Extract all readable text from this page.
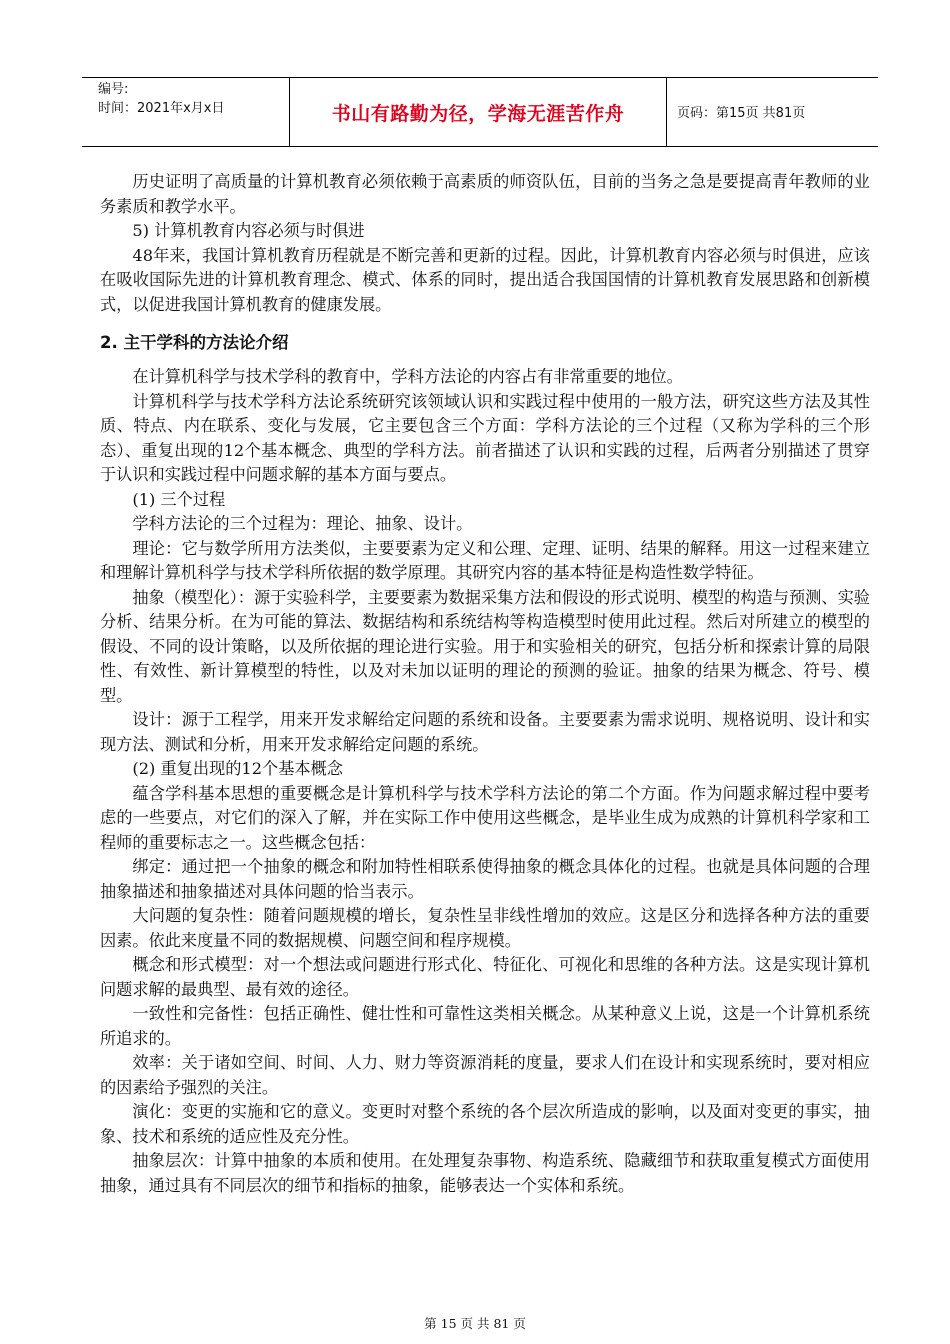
编号:
时间：2021年x月x日	书山有路勤为径，学海无涯苦作舟	页码：第15页 共81页

历史证明了高质量的计算机教育必须依赖于高素质的师资队伍，目前的当务之急是要提高青年教师的业务素质和教学水平。

5) 计算机教育内容必须与时俱进

48年来，我国计算机教育历程就是不断完善和更新的过程。因此，计算机教育内容必须与时俱进，应该在吸收国际先进的计算机教育理念、模式、体系的同时，提出适合我国国情的计算机教育发展思路和创新模式，以促进我国计算机教育的健康发展。

2. 主干学科的方法论介绍

在计算机科学与技术学科的教育中，学科方法论的内容占有非常重要的地位。

计算机科学与技术学科方法论系统研究该领域认识和实践过程中使用的一般方法，研究这些方法及其性质、特点、内在联系、变化与发展，它主要包含三个方面：学科方法论的三个过程（又称为学科的三个形态）、重复出现的12个基本概念、典型的学科方法。前者描述了认识和实践的过程，后两者分别描述了贯穿于认识和实践过程中问题求解的基本方面与要点。

(1) 三个过程

学科方法论的三个过程为：理论、抽象、设计。

理论：它与数学所用方法类似，主要要素为定义和公理、定理、证明、结果的解释。用这一过程来建立和理解计算机科学与技术学科所依据的数学原理。其研究内容的基本特征是构造性数学特征。

抽象（模型化）：源于实验科学，主要要素为数据采集方法和假设的形式说明、模型的构造与预测、实验分析、结果分析。在为可能的算法、数据结构和系统结构等构造模型时使用此过程。然后对所建立的模型的假设、不同的设计策略，以及所依据的理论进行实验。用于和实验相关的研究，包括分析和探索计算的局限性、有效性、新计算模型的特性，以及对未加以证明的理论的预测的验证。抽象的结果为概念、符号、模型。

设计：源于工程学，用来开发求解给定问题的系统和设备。主要要素为需求说明、规格说明、设计和实现方法、测试和分析，用来开发求解给定问题的系统。

(2) 重复出现的12个基本概念

蕴含学科基本思想的重要概念是计算机科学与技术学科方法论的第二个方面。作为问题求解过程中要考虑的一些要点，对它们的深入了解，并在实际工作中使用这些概念，是毕业生成为成熟的计算机科学家和工程师的重要标志之一。这些概念包括：

绑定：通过把一个抽象的概念和附加特性相联系使得抽象的概念具体化的过程。也就是具体问题的合理抽象描述和抽象描述对具体问题的恰当表示。

大问题的复杂性：随着问题规模的增长，复杂性呈非线性增加的效应。这是区分和选择各种方法的重要因素。依此来度量不同的数据规模、问题空间和程序规模。

概念和形式模型：对一个想法或问题进行形式化、特征化、可视化和思维的各种方法。这是实现计算机问题求解的最典型、最有效的途径。

一致性和完备性：包括正确性、健壮性和可靠性这类相关概念。从某种意义上说，这是一个计算机系统所追求的。

效率：关于诸如空间、时间、人力、财力等资源消耗的度量，要求人们在设计和实现系统时，要对相应的因素给予强烈的关注。

演化：变更的实施和它的意义。变更时对整个系统的各个层次所造成的影响，以及面对变更的事实，抽象、技术和系统的适应性及充分性。

抽象层次：计算中抽象的本质和使用。在处理复杂事物、构造系统、隐藏细节和获取重复模式方面使用抽象，通过具有不同层次的细节和指标的抽象，能够表达一个实体和系统。

第 15 页 共 81 页
